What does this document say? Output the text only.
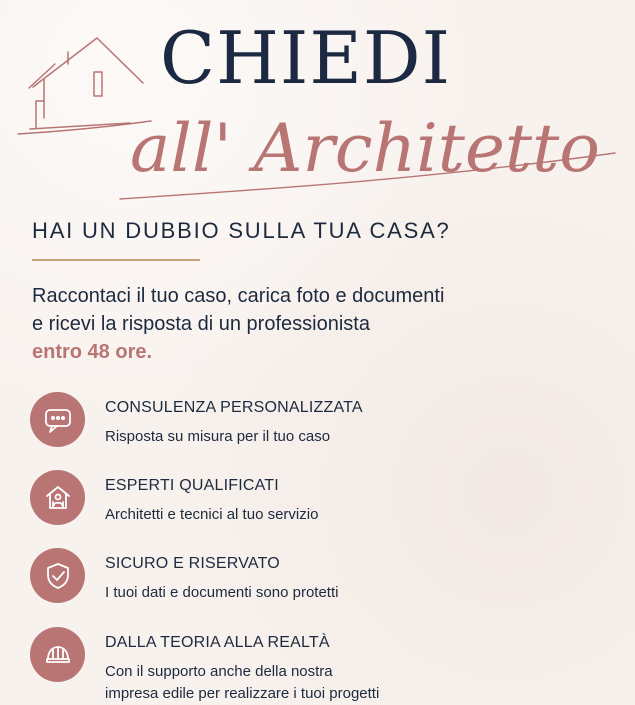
CHIEDI
all' Architetto
HAI UN DUBBIO SULLA TUA CASA?
Raccontaci il tuo caso, carica foto e documenti
e ricevi la risposta di un professionista
entro 48 ore.
CONSULENZA PERSONALIZZATA
Risposta su misura per il tuo caso
ESPERTI QUALIFICATI
Architetti e tecnici al tuo servizio
SICURO E RISERVATO
I tuoi dati e documenti sono protetti
DALLA TEORIA ALLA REALTÀ
Con il supporto anche della nostra
impresa edile per realizzare i tuoi progetti
